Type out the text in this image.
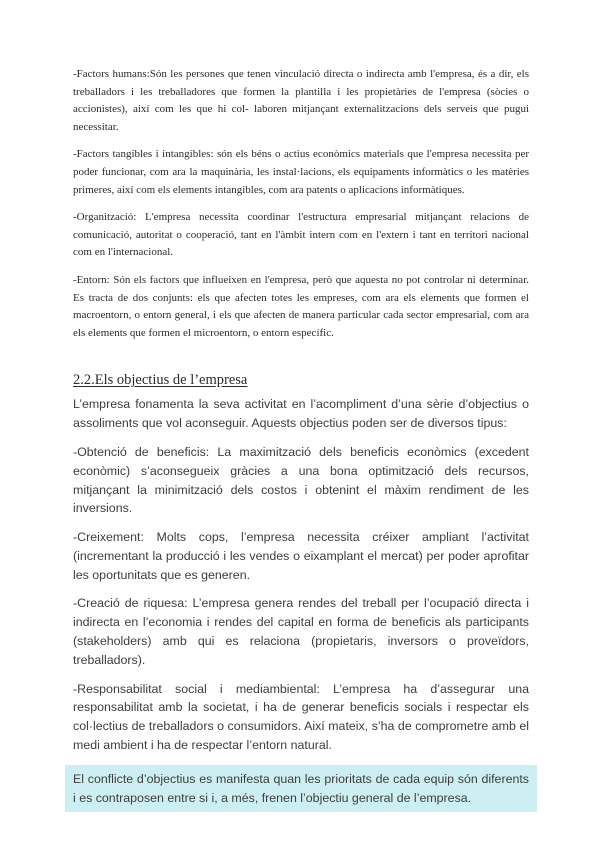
-Factors humans:Són les persones que tenen vinculació directa o indirecta amb l'empresa, és a dir, els treballadors i les treballadores que formen la plantilla i les propietàries de l'empresa (sòcies o accionistes), així com les que hi col- laboren mitjançant externalitzacions dels serveis que pugui necessitar.

-Factors tangibles i intangibles: són els béns o actius econòmics materials que l'empresa necessita per poder funcionar, com ara la maquinària, les instal·lacions, els equipaments informàtics o les matèries primeres, així com els elements intangibles, com ara patents o aplicacions informàtiques.

-Organització: L'empresa necessita coordinar l'estructura empresarial mitjançant relacions de comunicació, autoritat o cooperació, tant en l'àmbit intern com en l'extern i tant en territori nacional com en l'internacional.

-Entorn: Són els factors que influeixen en l'empresa, però que aquesta no pot controlar ni determinar. Es tracta de dos conjunts: els que afecten totes les empreses, com ara els elements que formen el macroentorn, o entorn general, i els que afecten de manera particular cada sector empresarial, com ara els elements que formen el microentorn, o entorn específic.

2.2.Els objectius de l’empresa

L’empresa fonamenta la seva activitat en l’acompliment d’una sèrie d’objectius o assoliments que vol aconseguir. Aquests objectius poden ser de diversos tipus:

-Obtenció de beneficis: La maximització dels beneficis econòmics (excedent econòmic) s’aconsegueix gràcies a una bona optimització dels recursos, mitjançant la minimització dels costos i obtenint el màxim rendiment de les inversions.

-Creixement: Molts cops, l’empresa necessita créixer ampliant l’activitat (incrementant la producció i les vendes o eixamplant el mercat) per poder aprofitar les oportunitats que es generen.

-Creació de riquesa: L’empresa genera rendes del treball per l’ocupació directa i indirecta en l’economia i rendes del capital en forma de beneficis als participants (stakeholders) amb qui es relaciona (propietaris, inversors o proveïdors, treballadors).

-Responsabilitat social i mediambiental: L’empresa ha d’assegurar una responsabilitat amb la societat, i ha de generar beneficis socials i respectar els col·lectius de treballadors o consumidors. Així mateix, s’ha de comprometre amb el medi ambient i ha de respectar l’entorn natural.

El conflicte d’objectius es manifesta quan les prioritats de cada equip són diferents i es contraposen entre si i, a més, frenen l’objectiu general de l’empresa.
